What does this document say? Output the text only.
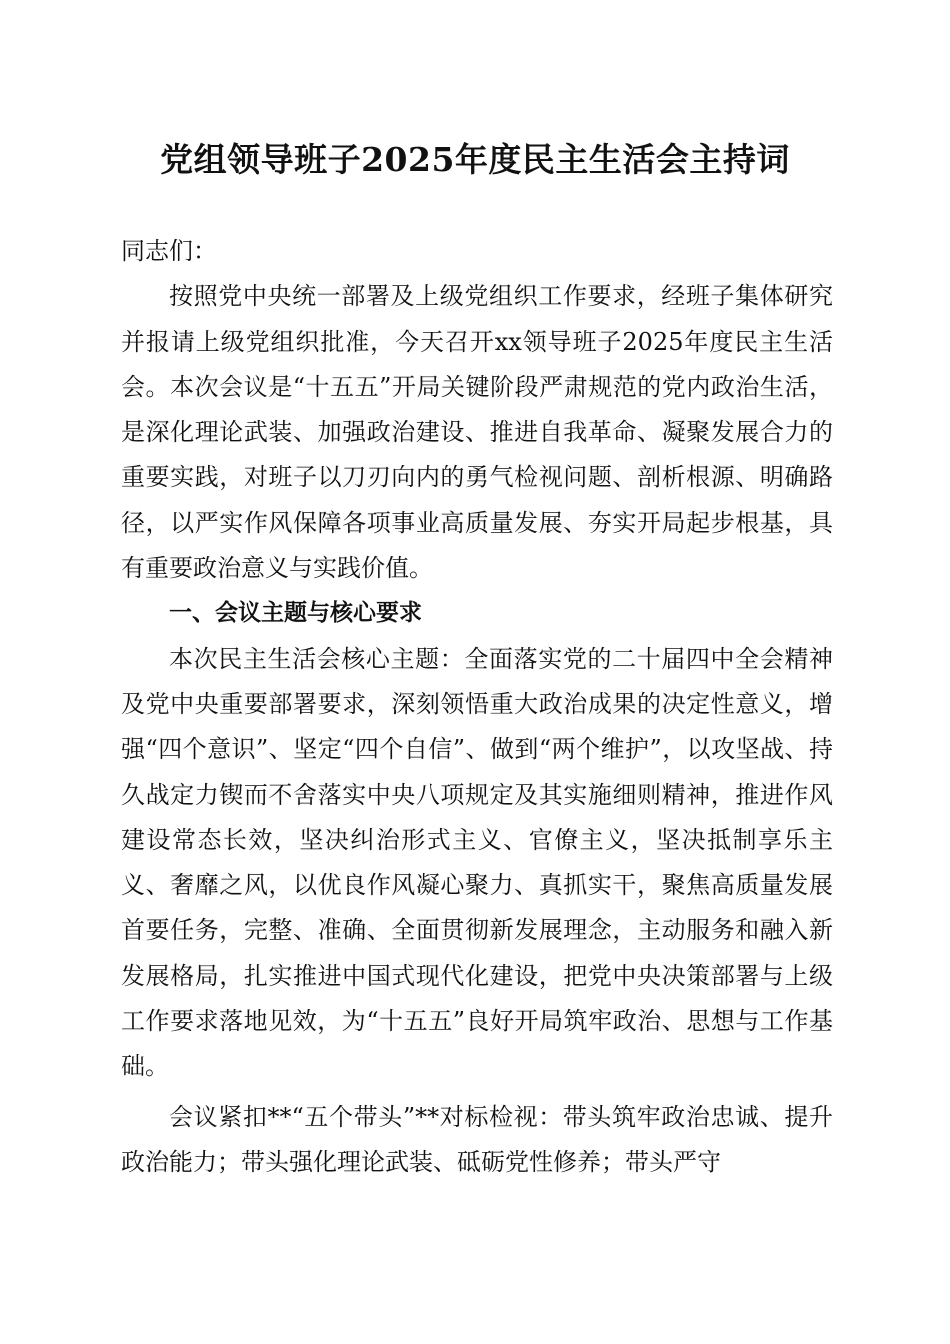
党组领导班子2025年度民主生活会主持词

同志们：

按照党中央统一部署及上级党组织工作要求，经班子集体研究并报请上级党组织批准，今天召开xx领导班子2025年度民主生活会。本次会议是“十五五”开局关键阶段严肃规范的党内政治生活，是深化理论武装、加强政治建设、推进自我革命、凝聚发展合力的重要实践，对班子以刀刃向内的勇气检视问题、剖析根源、明确路径，以严实作风保障各项事业高质量发展、夯实开局起步根基，具有重要政治意义与实践价值。

一、会议主题与核心要求

本次民主生活会核心主题：全面落实党的二十届四中全会精神及党中央重要部署要求，深刻领悟重大政治成果的决定性意义，增强“四个意识”、坚定“四个自信”、做到“两个维护”，以攻坚战、持久战定力锲而不舍落实中央八项规定及其实施细则精神，推进作风建设常态长效，坚决纠治形式主义、官僚主义，坚决抵制享乐主义、奢靡之风，以优良作风凝心聚力、真抓实干，聚焦高质量发展首要任务，完整、准确、全面贯彻新发展理念，主动服务和融入新发展格局，扎实推进中国式现代化建设，把党中央决策部署与上级工作要求落地见效，为“十五五”良好开局筑牢政治、思想与工作基础。

会议紧扣**“五个带头”**对标检视：带头筑牢政治忠诚、提升政治能力；带头强化理论武装、砥砺党性修养；带头严守
